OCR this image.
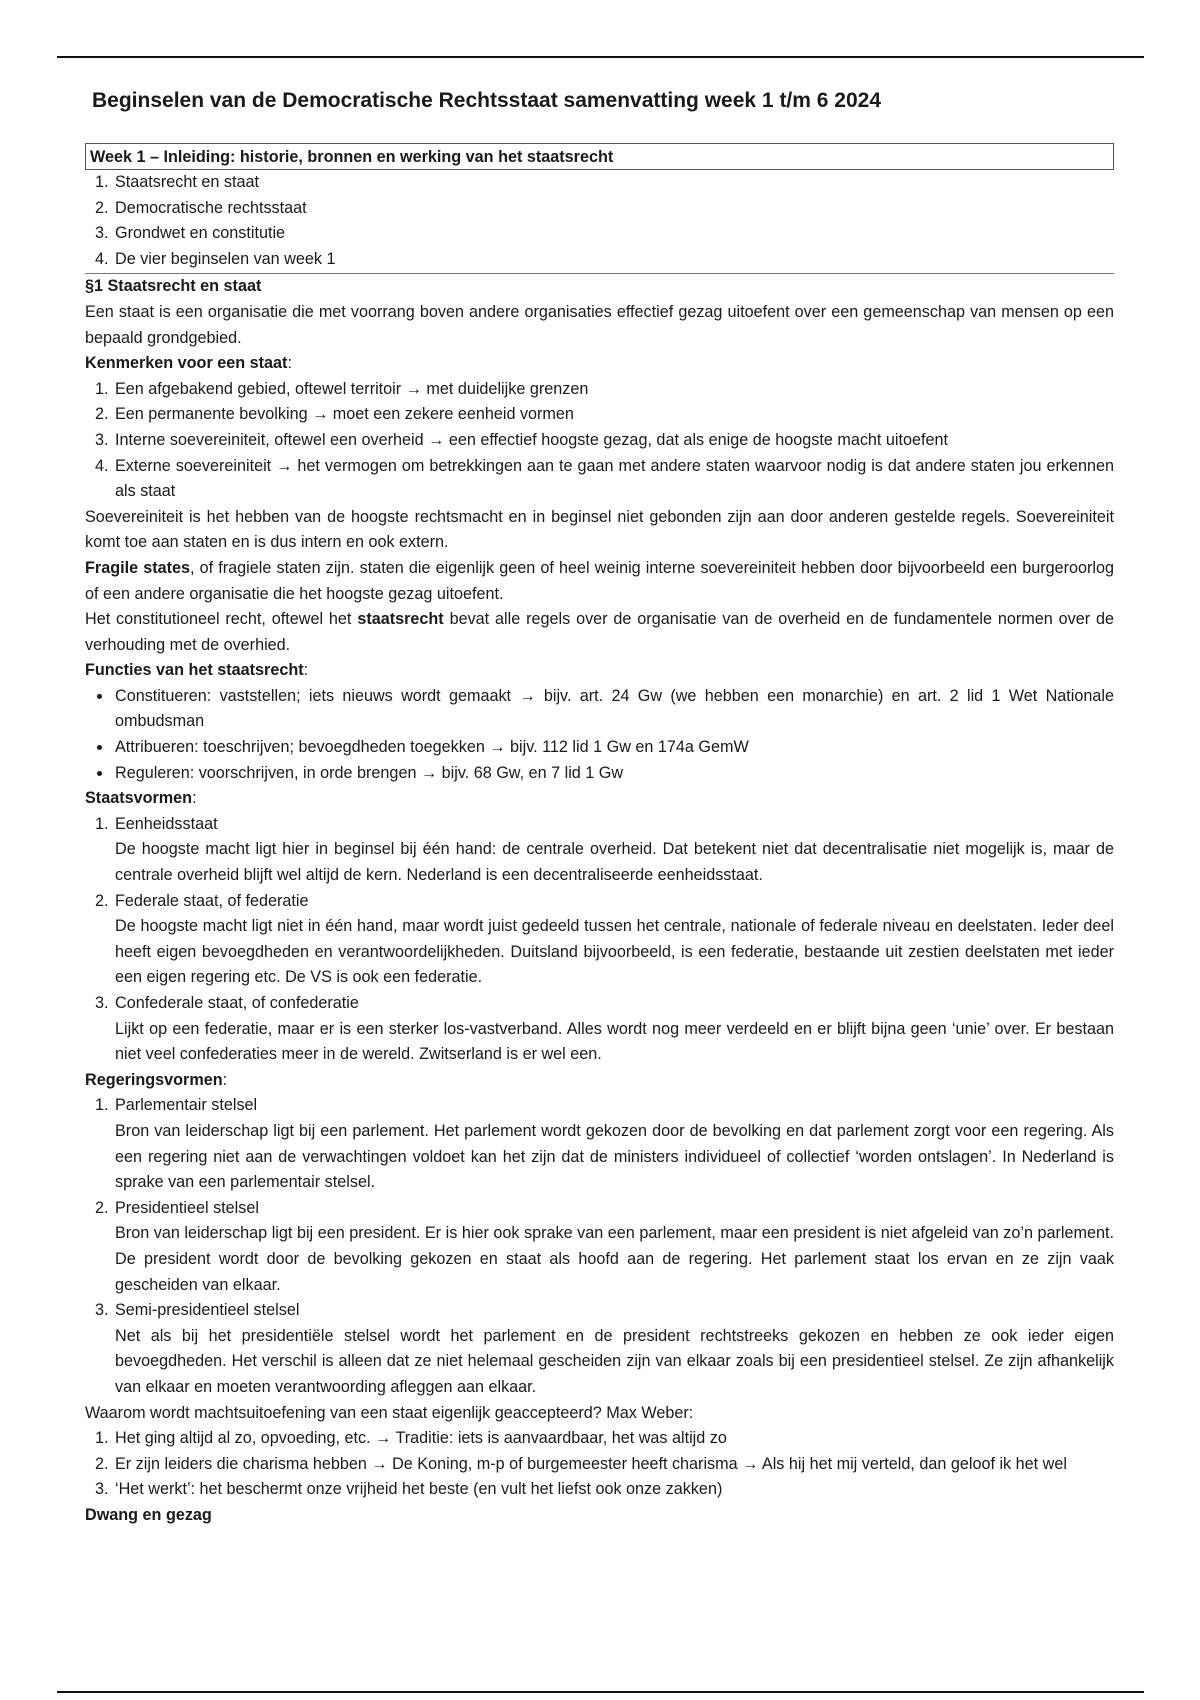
Beginselen van de Democratische Rechtsstaat samenvatting week 1 t/m 6 2024
Week 1 – Inleiding: historie, bronnen en werking van het staatsrecht
1. Staatsrecht en staat
2. Democratische rechtsstaat
3. Grondwet en constitutie
4. De vier beginselen van week 1
§1 Staatsrecht en staat

Een staat is een organisatie die met voorrang boven andere organisaties effectief gezag uitoefent over een gemeenschap van mensen op een bepaald grondgebied.

Kenmerken voor een staat:
1. Een afgebakend gebied, oftewel territoir → met duidelijke grenzen
2. Een permanente bevolking → moet een zekere eenheid vormen
3. Interne soevereiniteit, oftewel een overheid → een effectief hoogste gezag, dat als enige de hoogste macht uitoefent
4. Externe soevereiniteit → het vermogen om betrekkingen aan te gaan met andere staten waarvoor nodig is dat andere staten jou erkennen als staat

Soevereiniteit is het hebben van de hoogste rechtsmacht en in beginsel niet gebonden zijn aan door anderen gestelde regels. Soevereiniteit komt toe aan staten en is dus intern en ook extern.

Fragile states, of fragiele staten zijn. staten die eigenlijk geen of heel weinig interne soevereiniteit hebben door bijvoorbeeld een burgeroorlog of een andere organisatie die het hoogste gezag uitoefent.

Het constitutioneel recht, oftewel het staatsrecht bevat alle regels over de organisatie van de overheid en de fundamentele normen over de verhouding met de overhied.

Functies van het staatsrecht:
• Constitueren: vaststellen; iets nieuws wordt gemaakt → bijv. art. 24 Gw (we hebben een monarchie) en art. 2 lid 1 Wet Nationale ombudsman
• Attribueren: toeschrijven; bevoegdheden toegekken → bijv. 112 lid 1 Gw en 174a GemW
• Reguleren: voorschrijven, in orde brengen → bijv. 68 Gw, en 7 lid 1 Gw
Staatsvormen:
1. Eenheidsstaat
De hoogste macht ligt hier in beginsel bij één hand: de centrale overheid. Dat betekent niet dat decentralisatie niet mogelijk is, maar de centrale overheid blijft wel altijd de kern. Nederland is een decentraliseerde eenheidsstaat.
2. Federale staat, of federatie
De hoogste macht ligt niet in één hand, maar wordt juist gedeeld tussen het centrale, nationale of federale niveau en deelstaten. Ieder deel heeft eigen bevoegdheden en verantwoordelijkheden. Duitsland bijvoorbeeld, is een federatie, bestaande uit zestien deelstaten met ieder een eigen regering etc. De VS is ook een federatie.
3. Confederale staat, of confederatie
Lijkt op een federatie, maar er is een sterker los-vastverband. Alles wordt nog meer verdeeld en er blijft bijna geen ‘unie’ over. Er bestaan niet veel confederaties meer in de wereld. Zwitserland is er wel een.
Regeringsvormen:
1. Parlementair stelsel
Bron van leiderschap ligt bij een parlement. Het parlement wordt gekozen door de bevolking en dat parlement zorgt voor een regering. Als een regering niet aan de verwachtingen voldoet kan het zijn dat de ministers individueel of collectief ‘worden ontslagen’. In Nederland is sprake van een parlementair stelsel.
2. Presidentieel stelsel
Bron van leiderschap ligt bij een president. Er is hier ook sprake van een parlement, maar een president is niet afgeleid van zo’n parlement. De president wordt door de bevolking gekozen en staat als hoofd aan de regering. Het parlement staat los ervan en ze zijn vaak gescheiden van elkaar.
3. Semi-presidentieel stelsel
Net als bij het presidentiële stelsel wordt het parlement en de president rechtstreeks gekozen en hebben ze ook ieder eigen bevoegdheden. Het verschil is alleen dat ze niet helemaal gescheiden zijn van elkaar zoals bij een presidentieel stelsel. Ze zijn afhankelijk van elkaar en moeten verantwoording afleggen aan elkaar.

Waarom wordt machtsuitoefening van een staat eigenlijk geaccepteerd? Max Weber:

1. Het ging altijd al zo, opvoeding, etc. → Traditie: iets is aanvaardbaar, het was altijd zo
2. Er zijn leiders die charisma hebben → De Koning, m-p of burgemeester heeft charisma → Als hij het mij verteld, dan geloof ik het wel
3. ‘Het werkt’: het beschermt onze vrijheid het beste (en vult het liefst ook onze zakken)
Dwang en gezag
